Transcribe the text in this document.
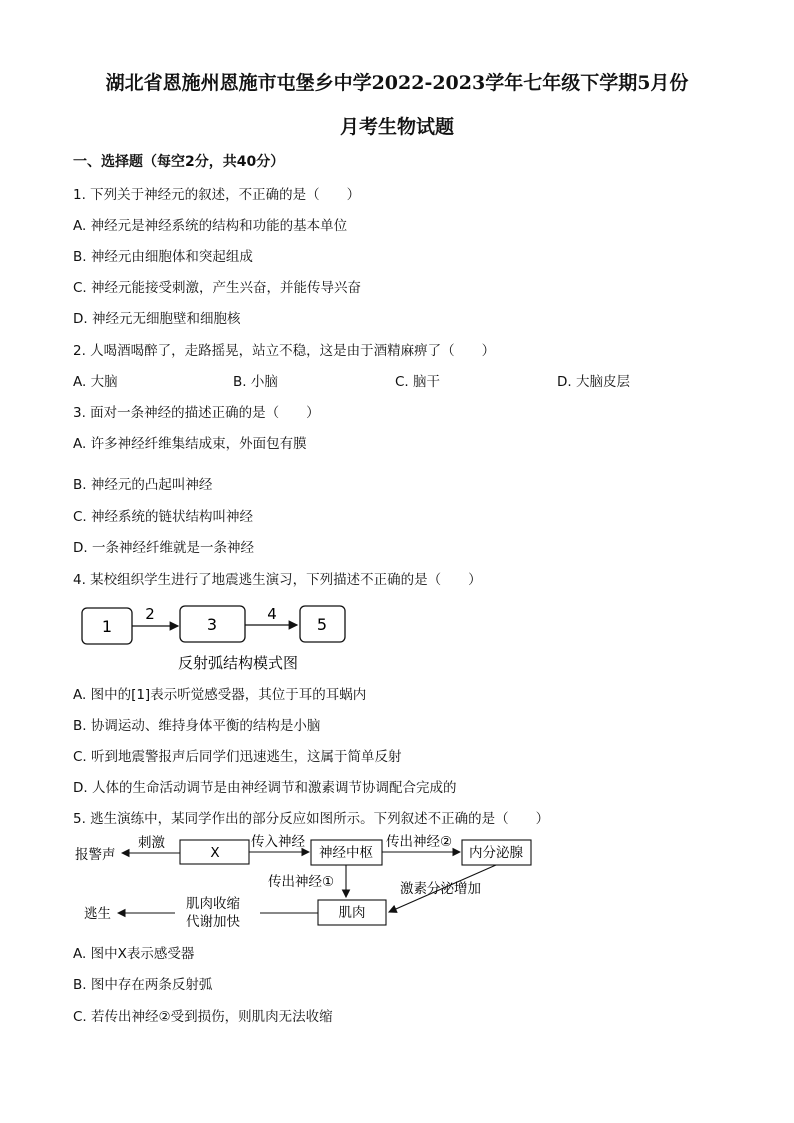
湖北省恩施州恩施市屯堡乡中学2022-2023学年七年级下学期5月份
月考生物试题
一、选择题（每空2分，共40分）
1. 下列关于神经元的叙述，不正确的是（　　）
A. 神经元是神经系统的结构和功能的基本单位
B. 神经元由细胞体和突起组成
C. 神经元能接受刺激，产生兴奋，并能传导兴奋
D. 神经元无细胞壁和细胞核
2. 人喝酒喝醉了，走路摇晃，站立不稳，这是由于酒精麻痹了（　　）
A. 大脑	B. 小脑	C. 脑干	D. 大脑皮层
3. 面对一条神经的描述正确的是（　　）
A. 许多神经纤维集结成束，外面包有膜
B. 神经元的凸起叫神经
C. 神经系统的链状结构叫神经
D. 一条神经纤维就是一条神经
4. 某校组织学生进行了地震逃生演习，下列描述不正确的是（　　）
1
2
3
4
5
反射弧结构模式图
A. 图中的[1]表示听觉感受器，其位于耳的耳蜗内
B. 协调运动、维持身体平衡的结构是小脑
C. 听到地震警报声后同学们迅速逃生，这属于简单反射
D. 人体的生命活动调节是由神经调节和激素调节协调配合完成的
5. 逃生演练中，某同学作出的部分反应如图所示。下列叙述不正确的是（　　）
报警声
刺激
X
传入神经
神经中枢
传出神经②
内分泌腺
传出神经①	激素分泌增加
肌肉
肌肉收缩
代谢加快
逃生
A. 图中X表示感受器
B. 图中存在两条反射弧
C. 若传出神经②受到损伤，则肌肉无法收缩
